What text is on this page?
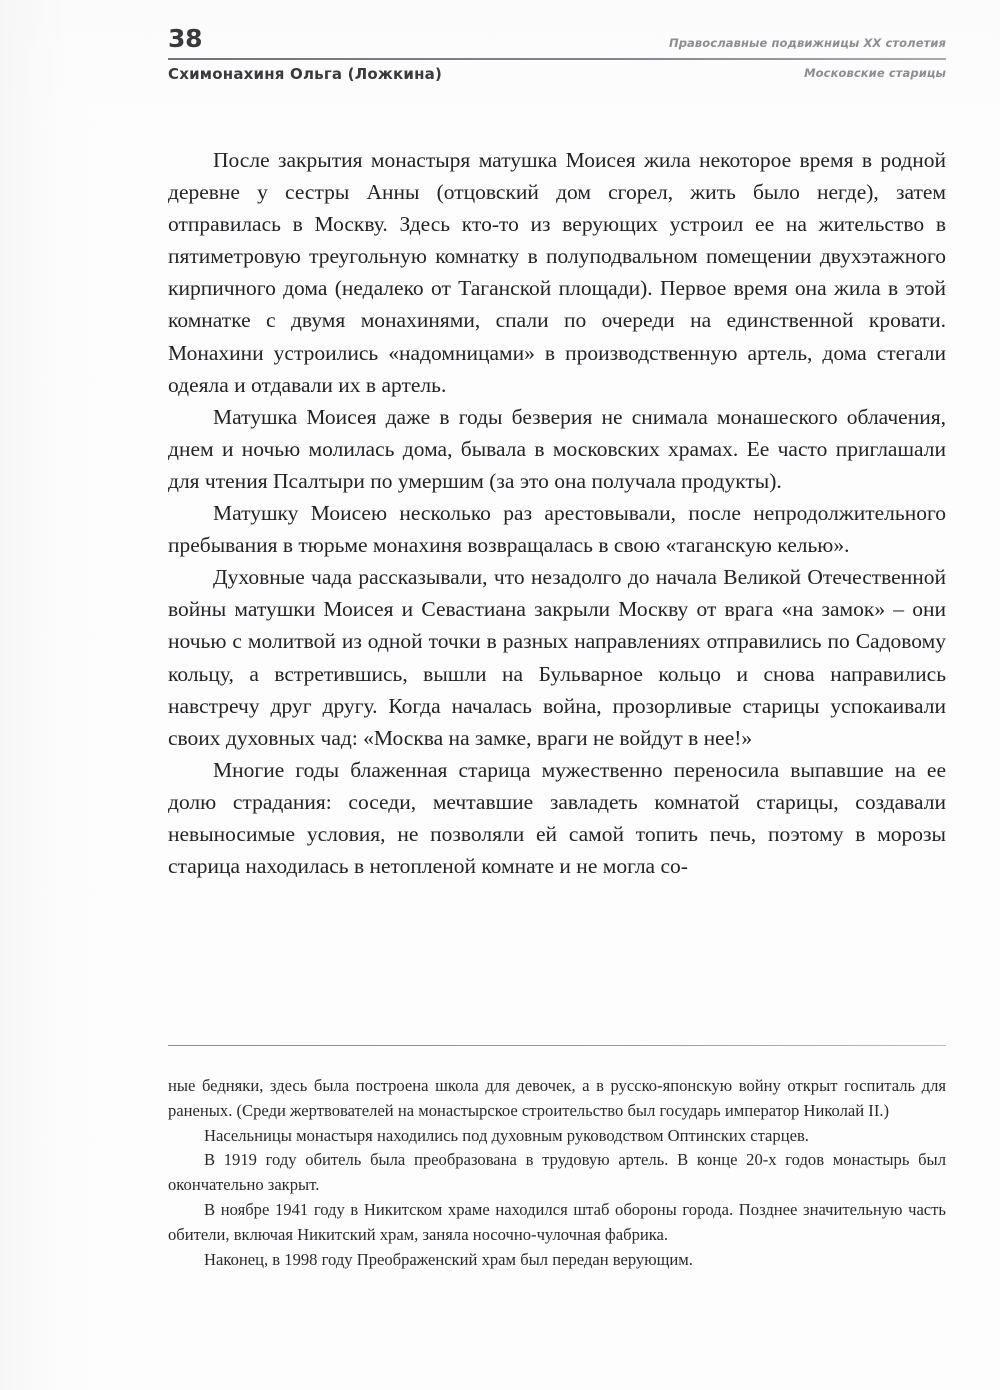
38	Православные подвижницы XX столетия
Схимонахиня Ольга (Ложкина)	Московские старицы

После закрытия монастыря матушка Моисея жила некоторое время в родной деревне у сестры Анны (отцовский дом сгорел, жить было негде), затем отправилась в Москву. Здесь кто-то из верующих устроил ее на жительство в пятиметровую треугольную комнатку в полуподвальном помещении двухэтажного кирпичного дома (недалеко от Таганской площади). Первое время она жила в этой комнатке с двумя монахинями, спали по очереди на единственной кровати. Монахини устроились «надомницами» в производственную артель, дома стегали одеяла и отдавали их в артель.

Матушка Моисея даже в годы безверия не снимала монашеского облачения, днем и ночью молилась дома, бывала в московских храмах. Ее часто приглашали для чтения Псалтыри по умершим (за это она получала продукты).

Матушку Моисею несколько раз арестовывали, после непродолжительного пребывания в тюрьме монахиня возвращалась в свою «таганскую келью».

Духовные чада рассказывали, что незадолго до начала Великой Отечественной войны матушки Моисея и Севастиана закрыли Москву от врага «на замок» – они ночью с молитвой из одной точки в разных направлениях отправились по Садовому кольцу, а встретившись, вышли на Бульварное кольцо и снова направились навстречу друг другу. Когда началась война, прозорливые старицы успокаивали своих духовных чад: «Москва на замке, враги не войдут в нее!»

Многие годы блаженная старица мужественно переносила выпавшие на ее долю страдания: соседи, мечтавшие завладеть комнатой старицы, создавали невыносимые условия, не позволяли ей самой топить печь, поэтому в морозы старица находилась в нетопленой комнате и не могла со-

ные бедняки, здесь была построена школа для девочек, а в русско-японскую войну открыт госпиталь для раненых. (Среди жертвователей на монастырское строительство был государь император Николай II.)

Насельницы монастыря находились под духовным руководством Оптинских старцев.

В 1919 году обитель была преобразована в трудовую артель. В конце 20-х годов монастырь был окончательно закрыт.

В ноябре 1941 году в Никитском храме находился штаб обороны города. Позднее значительную часть обители, включая Никитский храм, заняла носочно-чулочная фабрика.

Наконец, в 1998 году Преображенский храм был передан верующим.
